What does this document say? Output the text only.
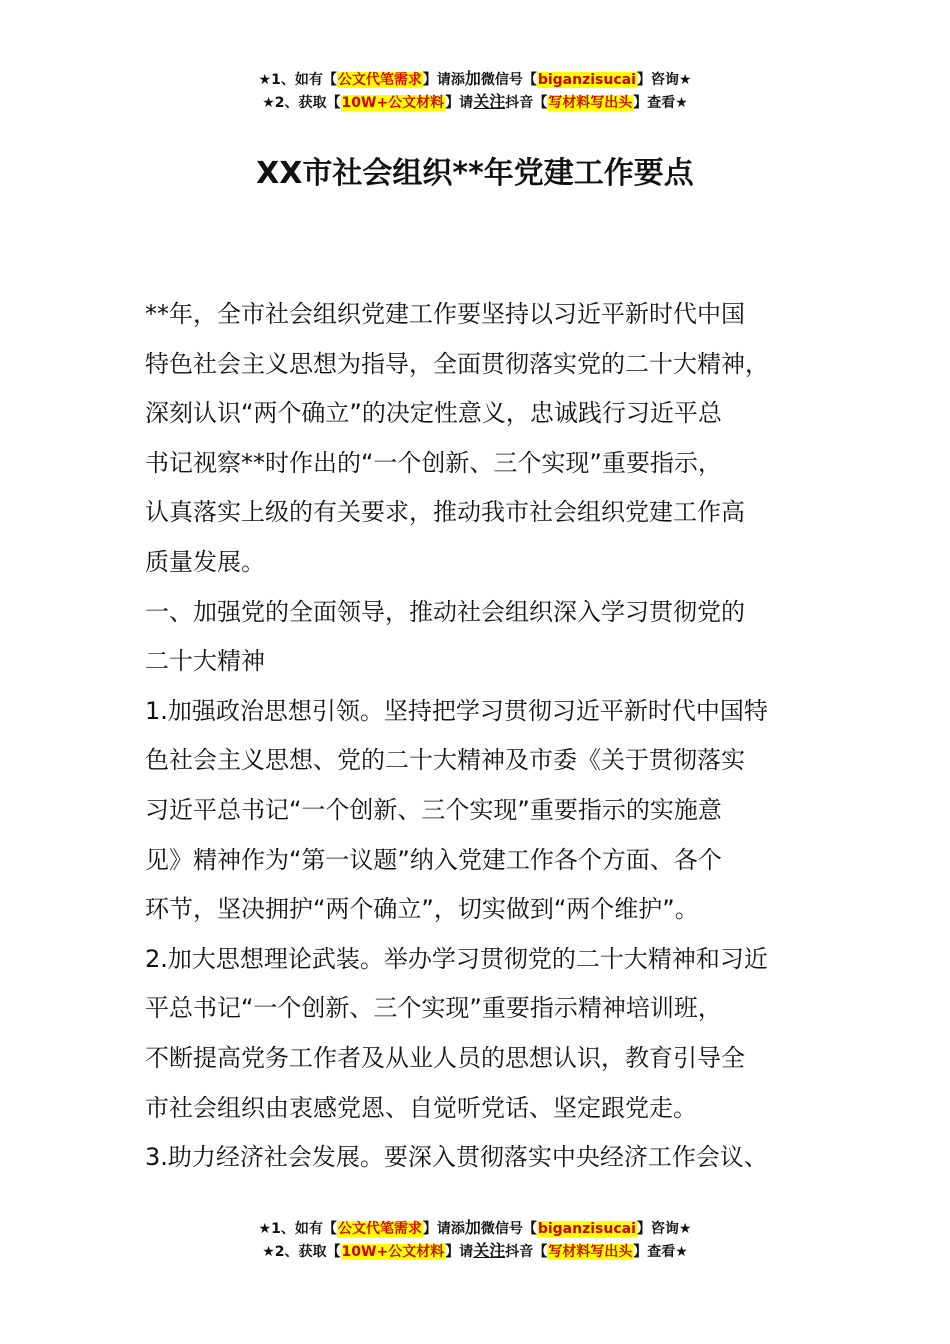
★1、如有【公文代笔需求】请添加微信号【biganzisucai】咨询★
★2、获取【10W+公文材料】请关注抖音【写材料写出头】查看★
XX市社会组织**年党建工作要点

**年，全市社会组织党建工作要坚持以习近平新时代中国

特色社会主义思想为指导，全面贯彻落实党的二十大精神，

深刻认识“两个确立”的决定性意义，忠诚践行习近平总

书记视察**时作出的“一个创新、三个实现”重要指示，

认真落实上级的有关要求，推动我市社会组织党建工作高

质量发展。

一、加强党的全面领导，推动社会组织深入学习贯彻党的

二十大精神

1.加强政治思想引领。坚持把学习贯彻习近平新时代中国特

色社会主义思想、党的二十大精神及市委《关于贯彻落实

习近平总书记“一个创新、三个实现”重要指示的实施意

见》精神作为“第一议题”纳入党建工作各个方面、各个

环节，坚决拥护“两个确立”，切实做到“两个维护”。

2.加大思想理论武装。举办学习贯彻党的二十大精神和习近

平总书记“一个创新、三个实现”重要指示精神培训班，

不断提高党务工作者及从业人员的思想认识，教育引导全

市社会组织由衷感党恩、自觉听党话、坚定跟党走。

3.助力经济社会发展。要深入贯彻落实中央经济工作会议、

★1、如有【公文代笔需求】请添加微信号【biganzisucai】咨询★
★2、获取【10W+公文材料】请关注抖音【写材料写出头】查看★
